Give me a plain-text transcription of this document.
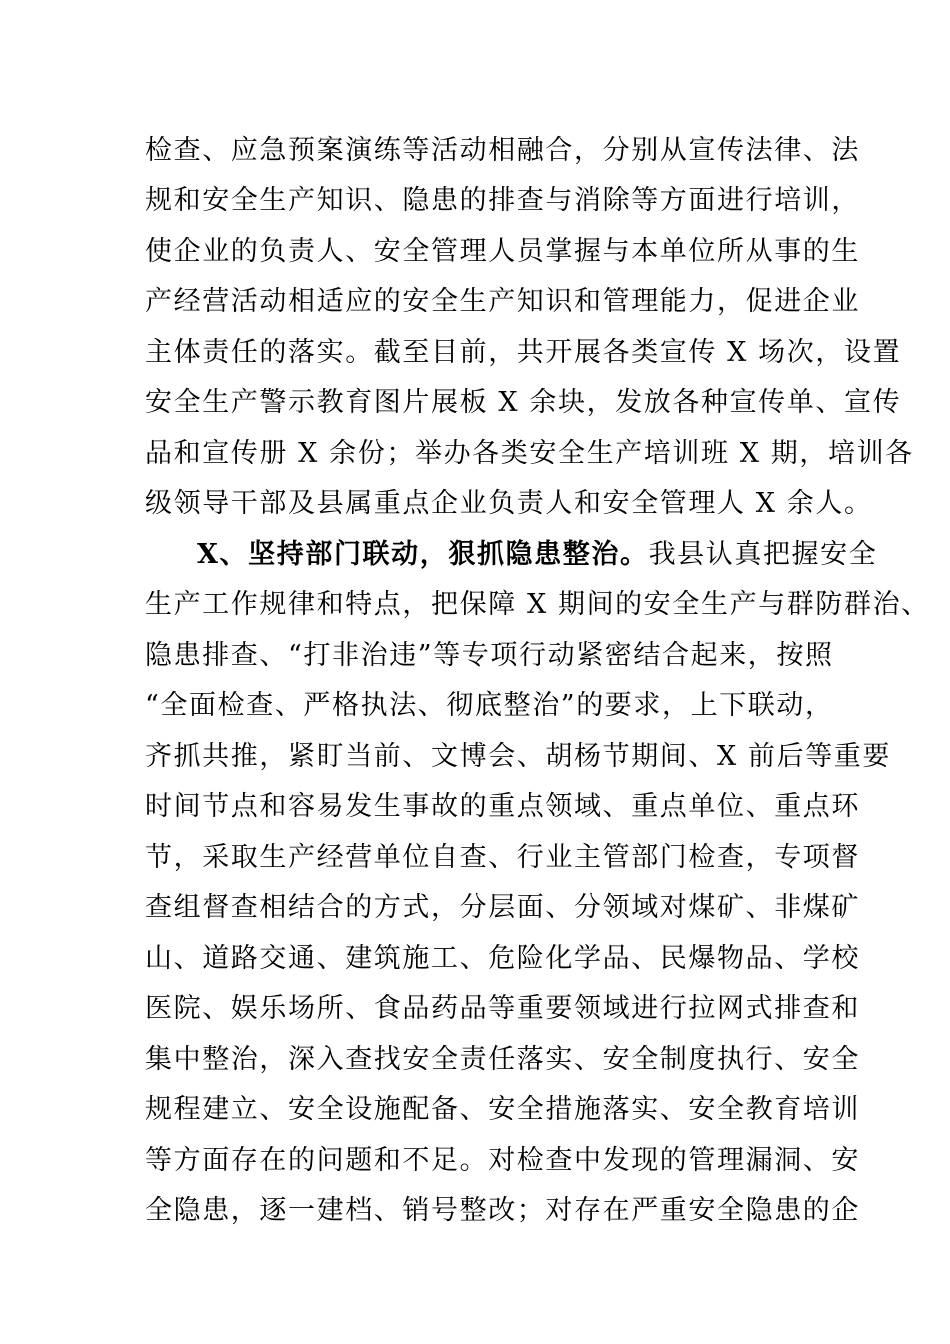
检查、应急预案演练等活动相融合，分别从宣传法律、法
规和安全生产知识、隐患的排查与消除等方面进行培训，
使企业的负责人、安全管理人员掌握与本单位所从事的生
产经营活动相适应的安全生产知识和管理能力，促进企业
主体责任的落实。截至目前，共开展各类宣传 X 场次，设置
安全生产警示教育图片展板 X 余块，发放各种宣传单、宣传
品和宣传册 X 余份；举办各类安全生产培训班 X 期，培训各
级领导干部及县属重点企业负责人和安全管理人 X 余人。
X、坚持部门联动，狠抓隐患整治。我县认真把握安全
生产工作规律和特点，把保障 X 期间的安全生产与群防群治、
隐患排查、“打非治违”等专项行动紧密结合起来，按照
“全面检查、严格执法、彻底整治”的要求，上下联动，
齐抓共推，紧盯当前、文博会、胡杨节期间、X 前后等重要
时间节点和容易发生事故的重点领域、重点单位、重点环
节，采取生产经营单位自查、行业主管部门检查，专项督
查组督查相结合的方式，分层面、分领域对煤矿、非煤矿
山、道路交通、建筑施工、危险化学品、民爆物品、学校
医院、娱乐场所、食品药品等重要领域进行拉网式排查和
集中整治，深入查找安全责任落实、安全制度执行、安全
规程建立、安全设施配备、安全措施落实、安全教育培训
等方面存在的问题和不足。对检查中发现的管理漏洞、安
全隐患，逐一建档、销号整改；对存在严重安全隐患的企
